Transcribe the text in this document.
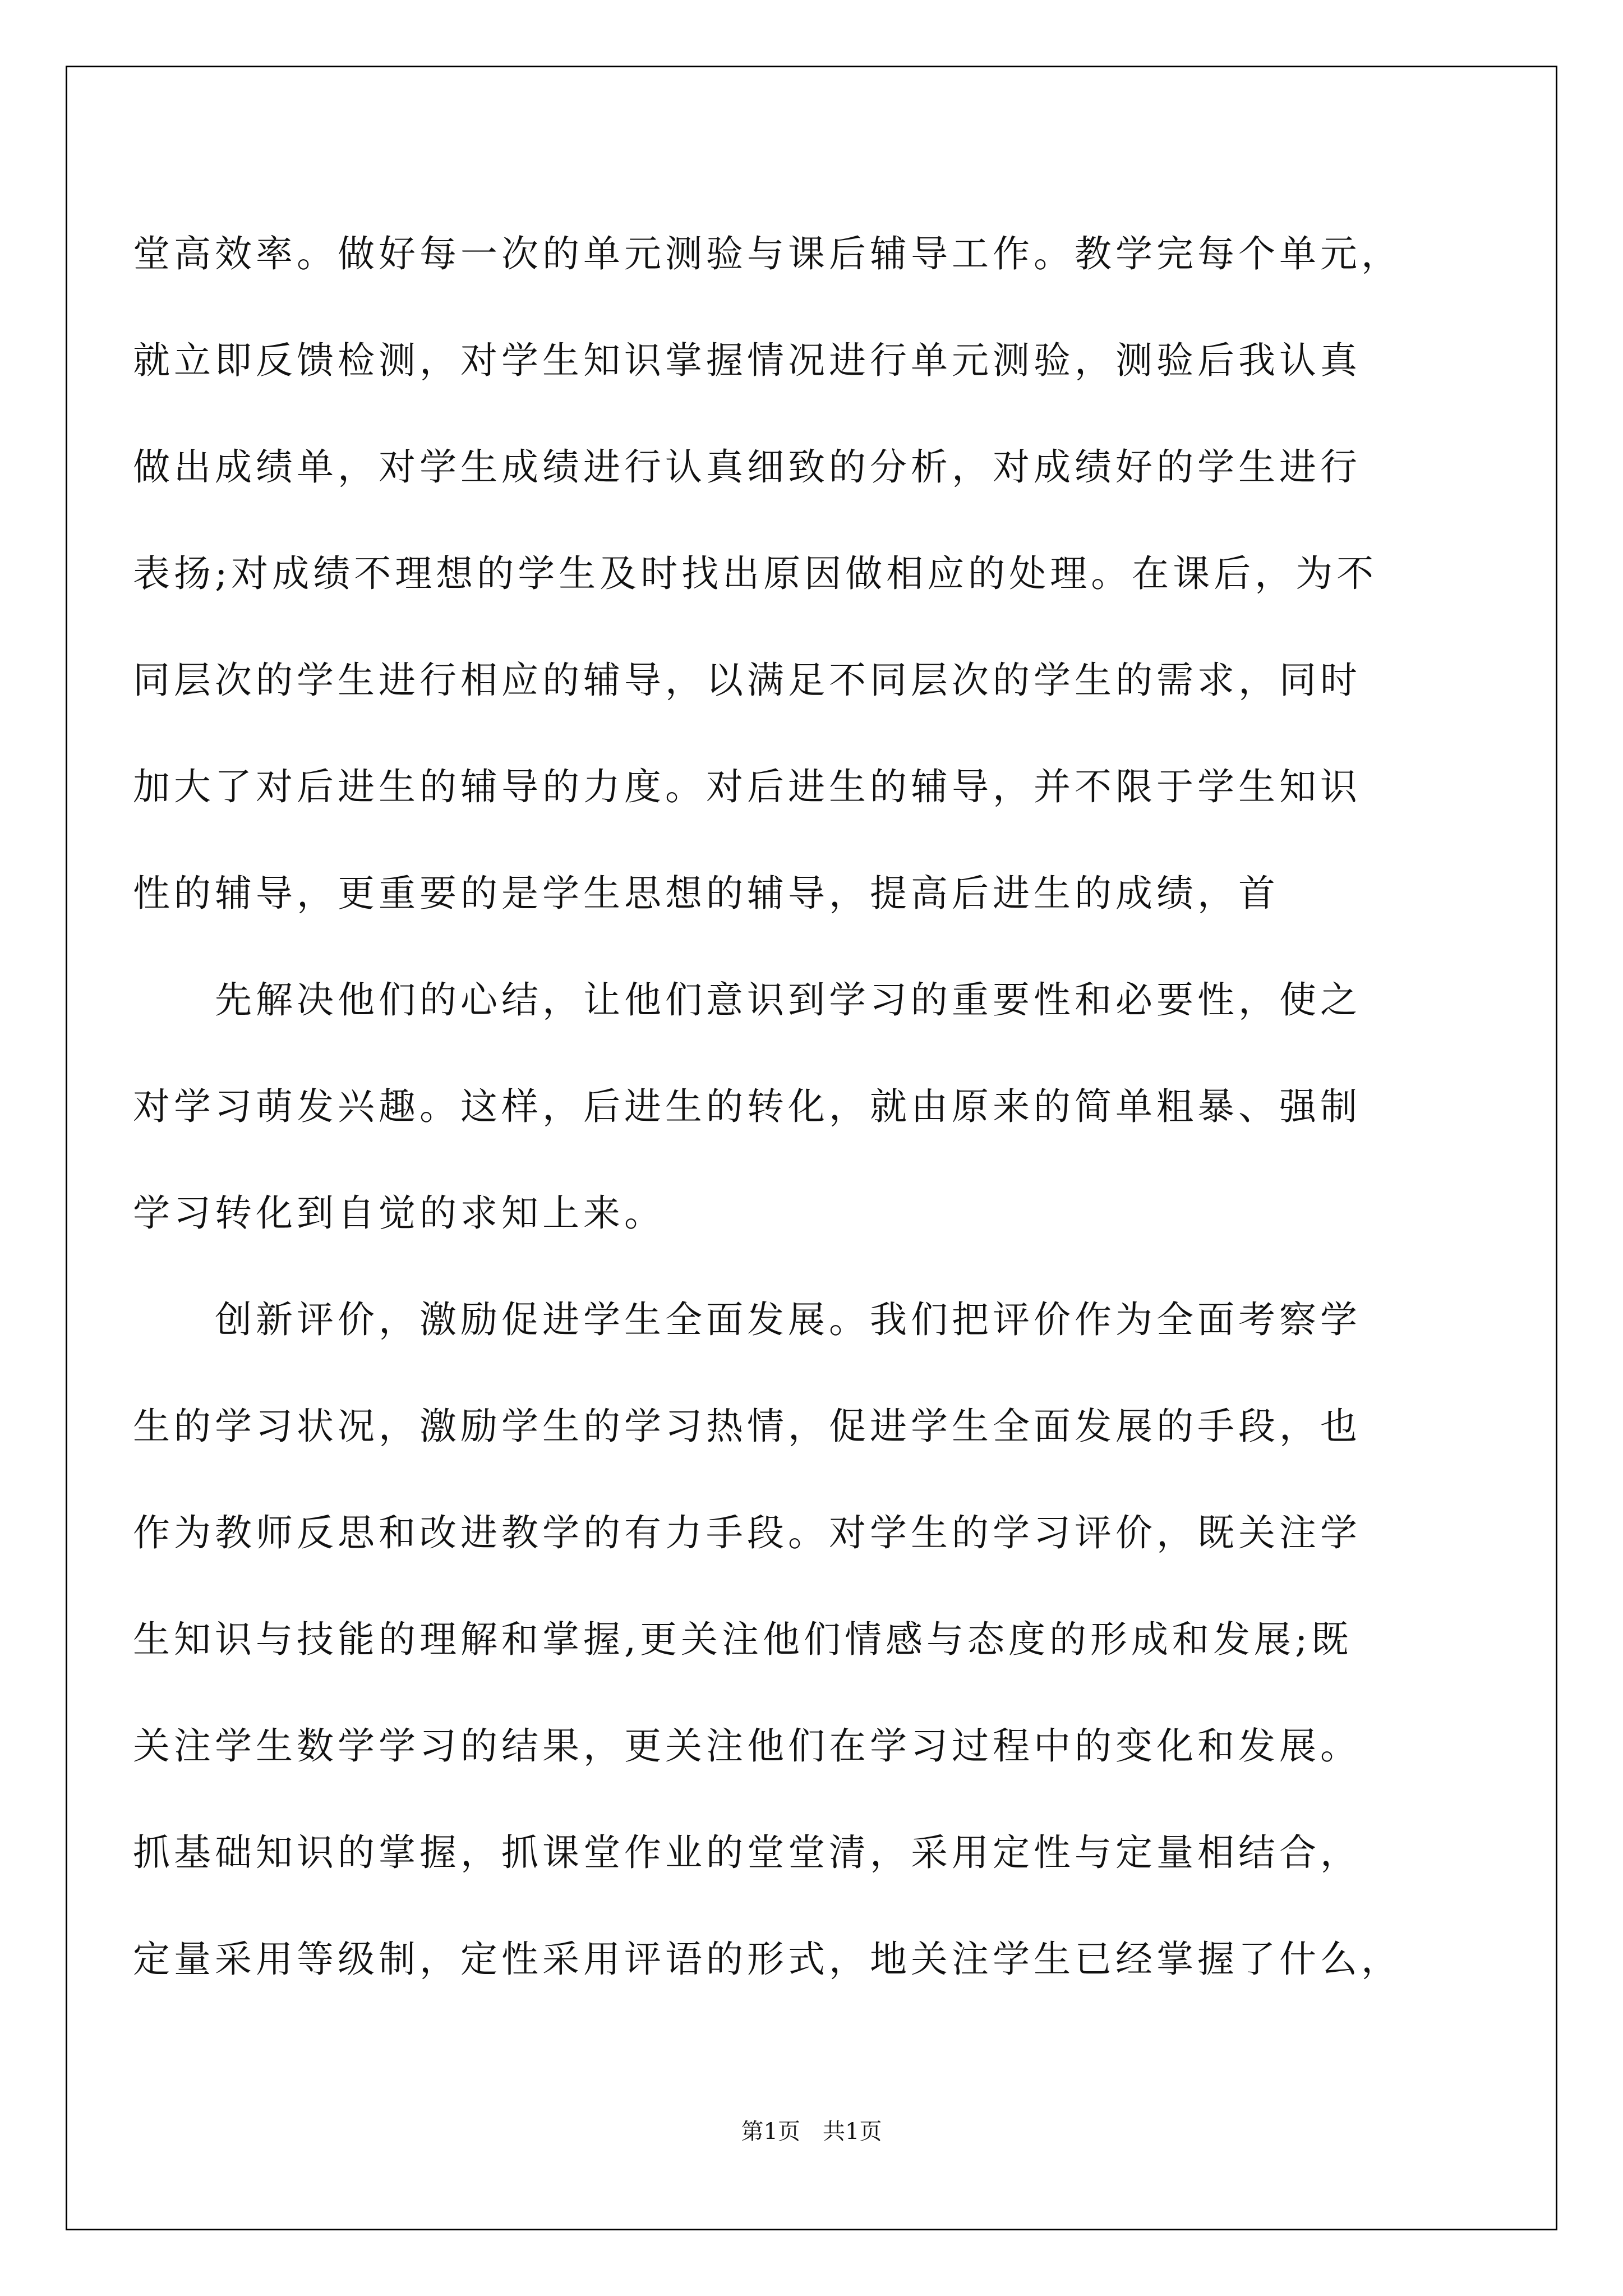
堂高效率。做好每一次的单元测验与课后辅导工作。教学完每个单元，
就立即反馈检测，对学生知识掌握情况进行单元测验，测验后我认真
做出成绩单，对学生成绩进行认真细致的分析，对成绩好的学生进行
表扬;对成绩不理想的学生及时找出原因做相应的处理。在课后，为不
同层次的学生进行相应的辅导，以满足不同层次的学生的需求，同时
加大了对后进生的辅导的力度。对后进生的辅导，并不限于学生知识
性的辅导，更重要的是学生思想的辅导，提高后进生的成绩，首
　　先解决他们的心结，让他们意识到学习的重要性和必要性，使之
对学习萌发兴趣。这样，后进生的转化，就由原来的简单粗暴、强制
学习转化到自觉的求知上来。
　　创新评价，激励促进学生全面发展。我们把评价作为全面考察学
生的学习状况，激励学生的学习热情，促进学生全面发展的手段，也
作为教师反思和改进教学的有力手段。对学生的学习评价，既关注学
生知识与技能的理解和掌握,更关注他们情感与态度的形成和发展;既
关注学生数学学习的结果，更关注他们在学习过程中的变化和发展。
抓基础知识的掌握，抓课堂作业的堂堂清，采用定性与定量相结合，
定量采用等级制，定性采用评语的形式，地关注学生已经掌握了什么，
第1页　共1页
